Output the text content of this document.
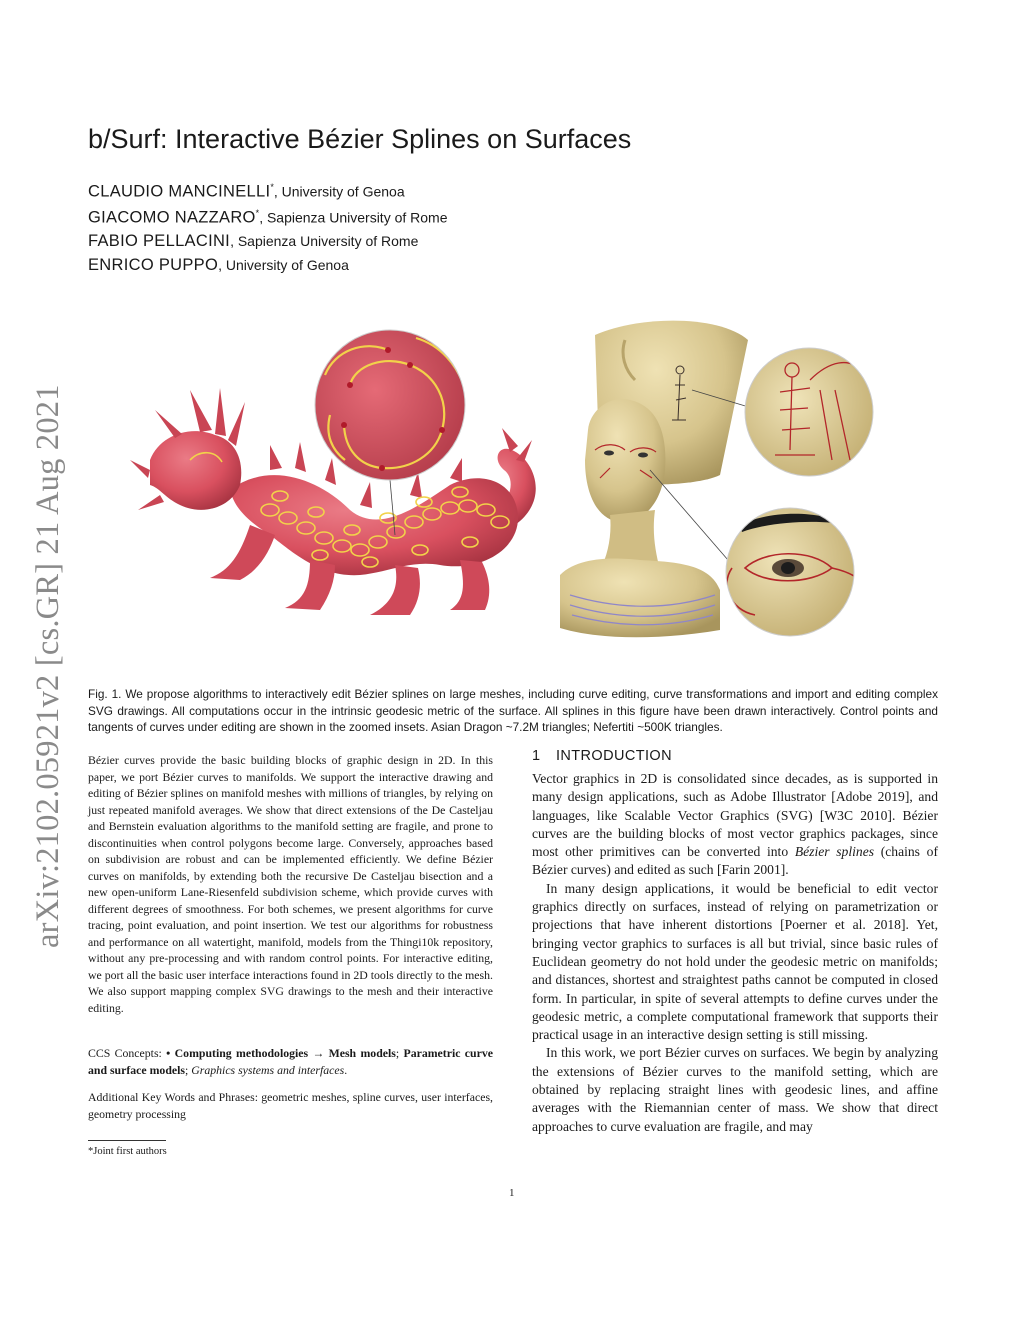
arXiv:2102.05921v2 [cs.GR] 21 Aug 2021
b/Surf: Interactive Bézier Splines on Surfaces
CLAUDIO MANCINELLI*, University of Genoa
GIACOMO NAZZARO*, Sapienza University of Rome
FABIO PELLACINI, Sapienza University of Rome
ENRICO PUPPO, University of Genoa
Fig. 1. We propose algorithms to interactively edit Bézier splines on large meshes, including curve editing, curve transformations and import and editing complex SVG drawings. All computations occur in the intrinsic geodesic metric of the surface. All splines in this figure have been drawn interactively. Control points and tangents of curves under editing are shown in the zoomed insets. Asian Dragon ~7.2M triangles; Nefertiti ~500K triangles.
Bézier curves provide the basic building blocks of graphic design in 2D. In this paper, we port Bézier curves to manifolds. We support the interactive drawing and editing of Bézier splines on manifold meshes with millions of triangles, by relying on just repeated manifold averages. We show that direct extensions of the De Casteljau and Bernstein evaluation algorithms to the manifold setting are fragile, and prone to discontinuities when control polygons become large. Conversely, approaches based on subdivision are robust and can be implemented efficiently. We define Bézier curves on manifolds, by extending both the recursive De Casteljau bisection and a new open-uniform Lane-Riesenfeld subdivision scheme, which provide curves with different degrees of smoothness. For both schemes, we present algorithms for curve tracing, point evaluation, and point insertion. We test our algorithms for robustness and performance on all watertight, manifold, models from the Thingi10k repository, without any pre-processing and with random control points. For interactive editing, we port all the basic user interface interactions found in 2D tools directly to the mesh. We also support mapping complex SVG drawings to the mesh and their interactive editing.
CCS Concepts: • Computing methodologies → Mesh models; Parametric curve and surface models; Graphics systems and interfaces.
Additional Key Words and Phrases: geometric meshes, spline curves, user interfaces, geometry processing
*Joint first authors
1 INTRODUCTION

Vector graphics in 2D is consolidated since decades, as is supported in many design applications, such as Adobe Illustrator [Adobe 2019], and languages, like Scalable Vector Graphics (SVG) [W3C 2010]. Bézier curves are the building blocks of most vector graphics packages, since most other primitives can be converted into Bézier splines (chains of Bézier curves) and edited as such [Farin 2001].

In many design applications, it would be beneficial to edit vector graphics directly on surfaces, instead of relying on parametrization or projections that have inherent distortions [Poerner et al. 2018]. Yet, bringing vector graphics to surfaces is all but trivial, since basic rules of Euclidean geometry do not hold under the geodesic metric on manifolds; and distances, shortest and straightest paths cannot be computed in closed form. In particular, in spite of several attempts to define curves under the geodesic metric, a complete computational framework that supports their practical usage in an interactive design setting is still missing.

In this work, we port Bézier curves on surfaces. We begin by analyzing the extensions of Bézier curves to the manifold setting, which are obtained by replacing straight lines with geodesic lines, and affine averages with the Riemannian center of mass. We show that direct approaches to curve evaluation are fragile, and may

1
